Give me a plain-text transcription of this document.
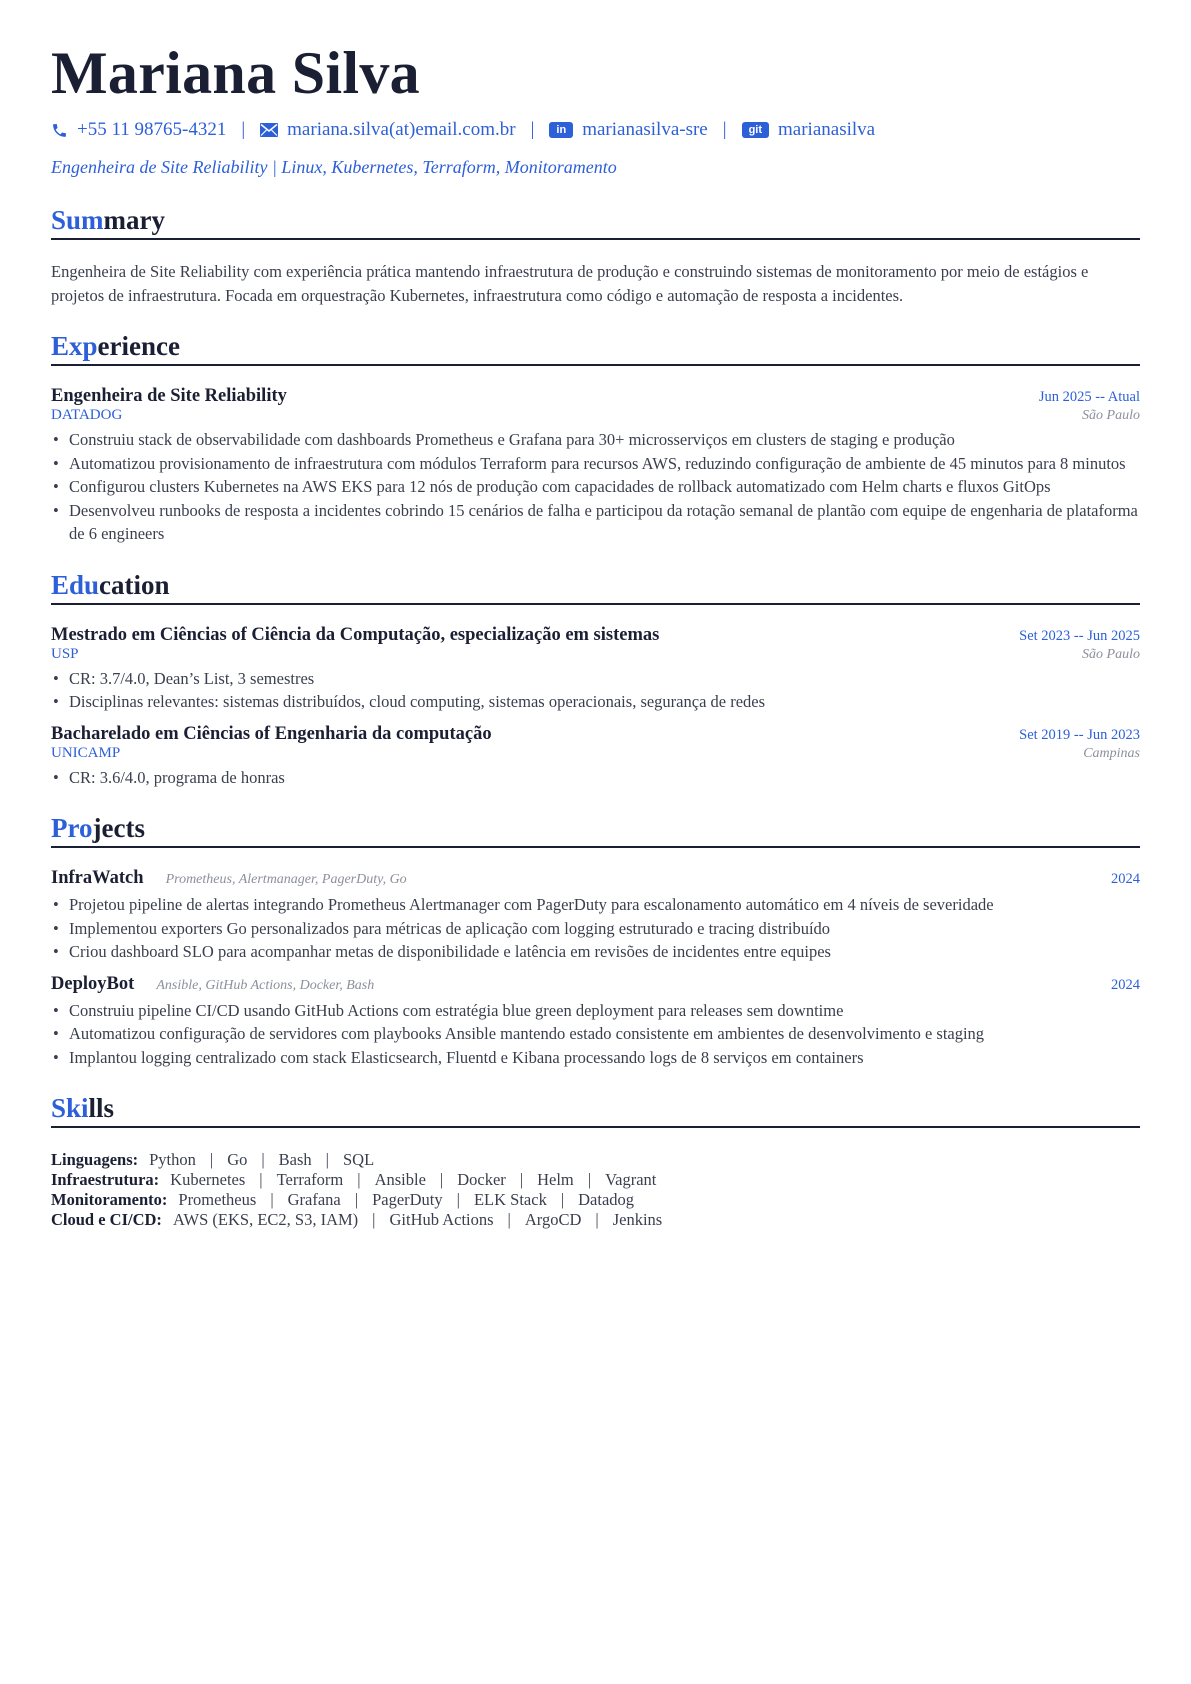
Mariana Silva
+55 11 98765-4321 | mariana.silva(at)email.com.br |	in marianasilva-sre |	git marianasilva
Engenheira de Site Reliability | Linux, Kubernetes, Terraform, Monitoramento
Summary
Engenheira de Site Reliability com experiência prática mantendo infraestrutura de produção e construindo sistemas de monitoramento por meio de estágios e projetos de infraestrutura. Focada em orquestração Kubernetes, infraestrutura como código e automação de resposta a incidentes.
Experience
Engenheira de Site Reliability	Jun 2025 -- Atual
DATADOG	São Paulo
• Construiu stack de observabilidade com dashboards Prometheus e Grafana para 30+ microsserviços em clusters de staging e produção
• Automatizou provisionamento de infraestrutura com módulos Terraform para recursos AWS, reduzindo configuração de ambiente de 45 minutos para 8 minutos
• Configurou clusters Kubernetes na AWS EKS para 12 nós de produção com capacidades de rollback automatizado com Helm charts e fluxos GitOps
• Desenvolveu runbooks de resposta a incidentes cobrindo 15 cenários de falha e participou da rotação semanal de plantão com equipe de engenharia de plataforma de 6 engineers
Education
Mestrado em Ciências of Ciência da Computação, especialização em sistemas	Set 2023 -- Jun 2025
USP	São Paulo
• CR: 3.7/4.0, Dean’s List, 3 semestres
• Disciplinas relevantes: sistemas distribuídos, cloud computing, sistemas operacionais, segurança de redes
Bacharelado em Ciências of Engenharia da computação	Set 2019 -- Jun 2023
UNICAMP	Campinas
• CR: 3.6/4.0, programa de honras
Projects
InfraWatch Prometheus, Alertmanager, PagerDuty, Go	2024
• Projetou pipeline de alertas integrando Prometheus Alertmanager com PagerDuty para escalonamento automático em 4 níveis de severidade
• Implementou exporters Go personalizados para métricas de aplicação com logging estruturado e tracing distribuído
• Criou dashboard SLO para acompanhar metas de disponibilidade e latência em revisões de incidentes entre equipes
DeployBot Ansible, GitHub Actions, Docker, Bash	2024
• Construiu pipeline CI/CD usando GitHub Actions com estratégia blue green deployment para releases sem downtime
• Automatizou configuração de servidores com playbooks Ansible mantendo estado consistente em ambientes de desenvolvimento e staging
• Implantou logging centralizado com stack Elasticsearch, Fluentd e Kibana processando logs de 8 serviços em containers
Skills
Linguagens: Python | Go | Bash | SQL
Infraestrutura: Kubernetes | Terraform | Ansible | Docker | Helm | Vagrant
Monitoramento: Prometheus | Grafana | PagerDuty | ELK Stack | Datadog
Cloud e CI/CD: AWS (EKS, EC2, S3, IAM) | GitHub Actions | ArgoCD | Jenkins
